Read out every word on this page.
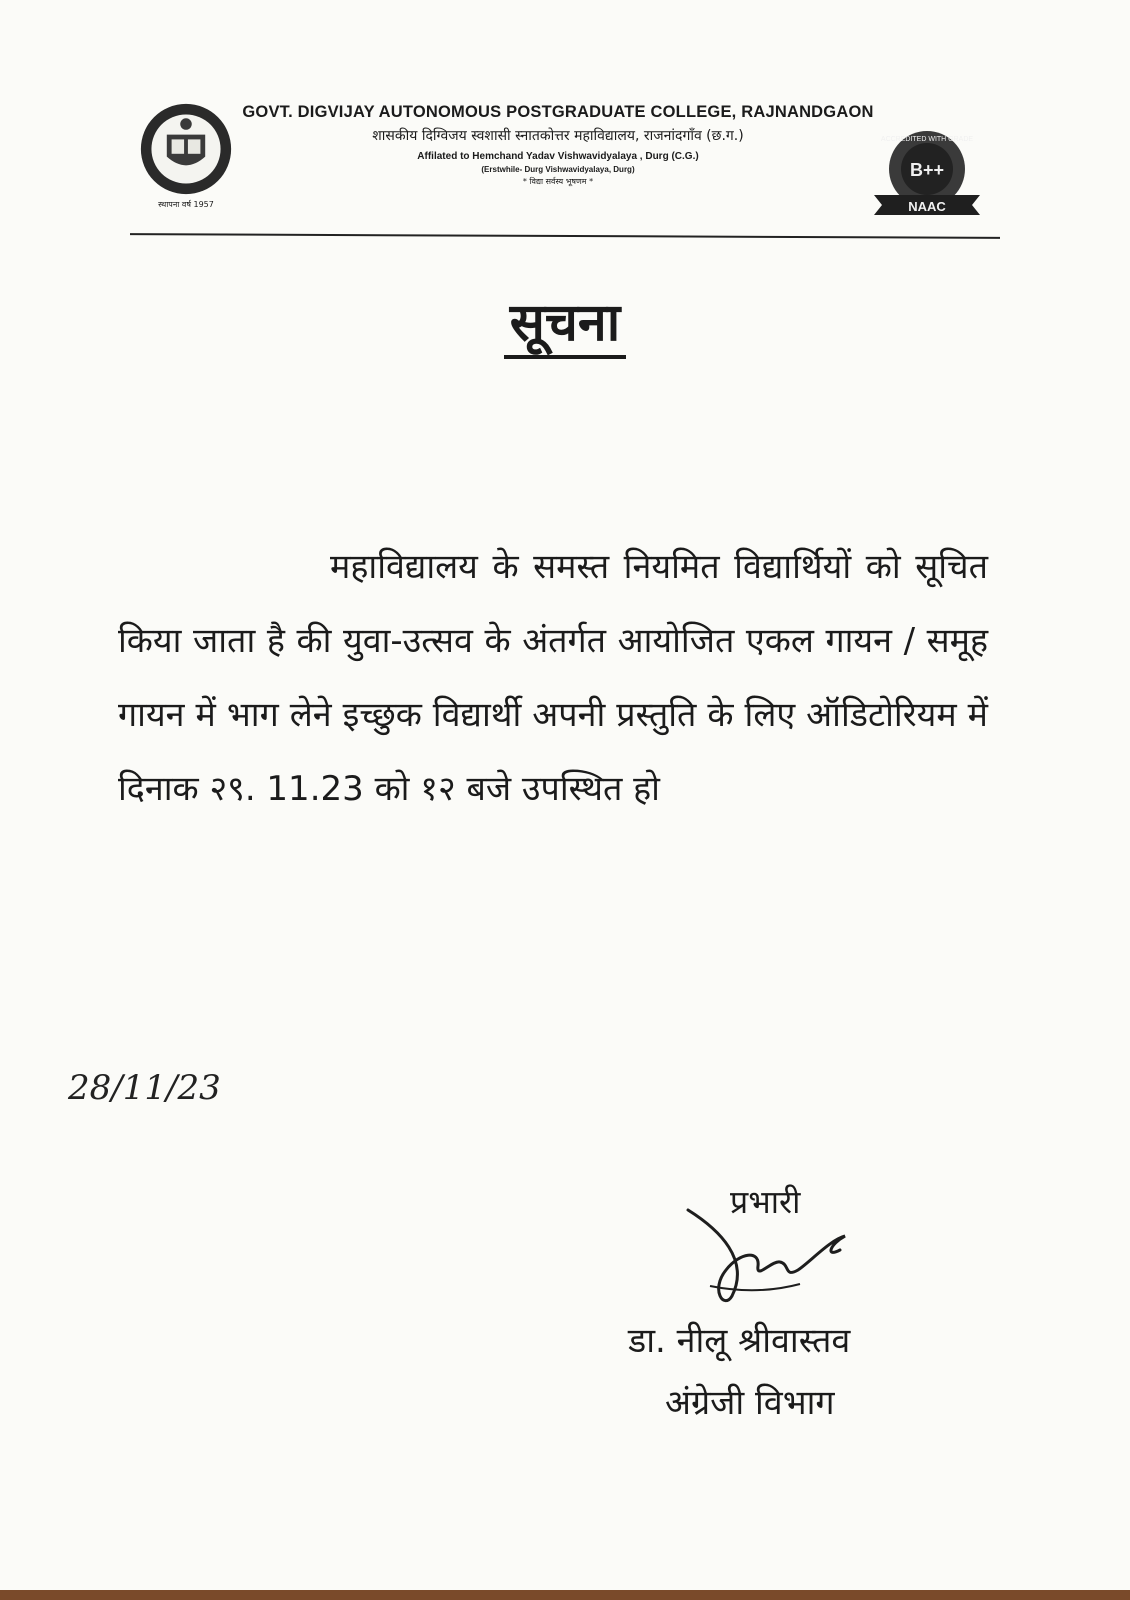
स्थापना वर्ष 1957
GOVT. DIGVIJAY AUTONOMOUS POSTGRADUATE COLLEGE, RAJNANDGAON
शासकीय दिग्विजय स्वशासी स्नातकोत्तर महाविद्यालय, राजनांदगाँव (छ.ग.)
Affilated to Hemchand Yadav Vishwavidyalaya , Durg (C.G.)
(Erstwhile- Durg Vishwavidyalaya, Durg)
* विद्या सर्वस्य भूषणम *
ACCREDITED WITH GRADE
B++
NAAC
सूचना
महाविद्यालय के समस्त नियमित विद्यार्थियों को सूचित किया जाता है की युवा-उत्सव के अंतर्गत आयोजित एकल गायन / समूह गायन में भाग लेने इच्छुक विद्यार्थी अपनी प्रस्तुति के लिए ऑडिटोरियम में दिनाक २९. 11.23 को १२ बजे उपस्थित हो
28/11/23
प्रभारी
डा. नीलू श्रीवास्तव
अंग्रेजी विभाग
